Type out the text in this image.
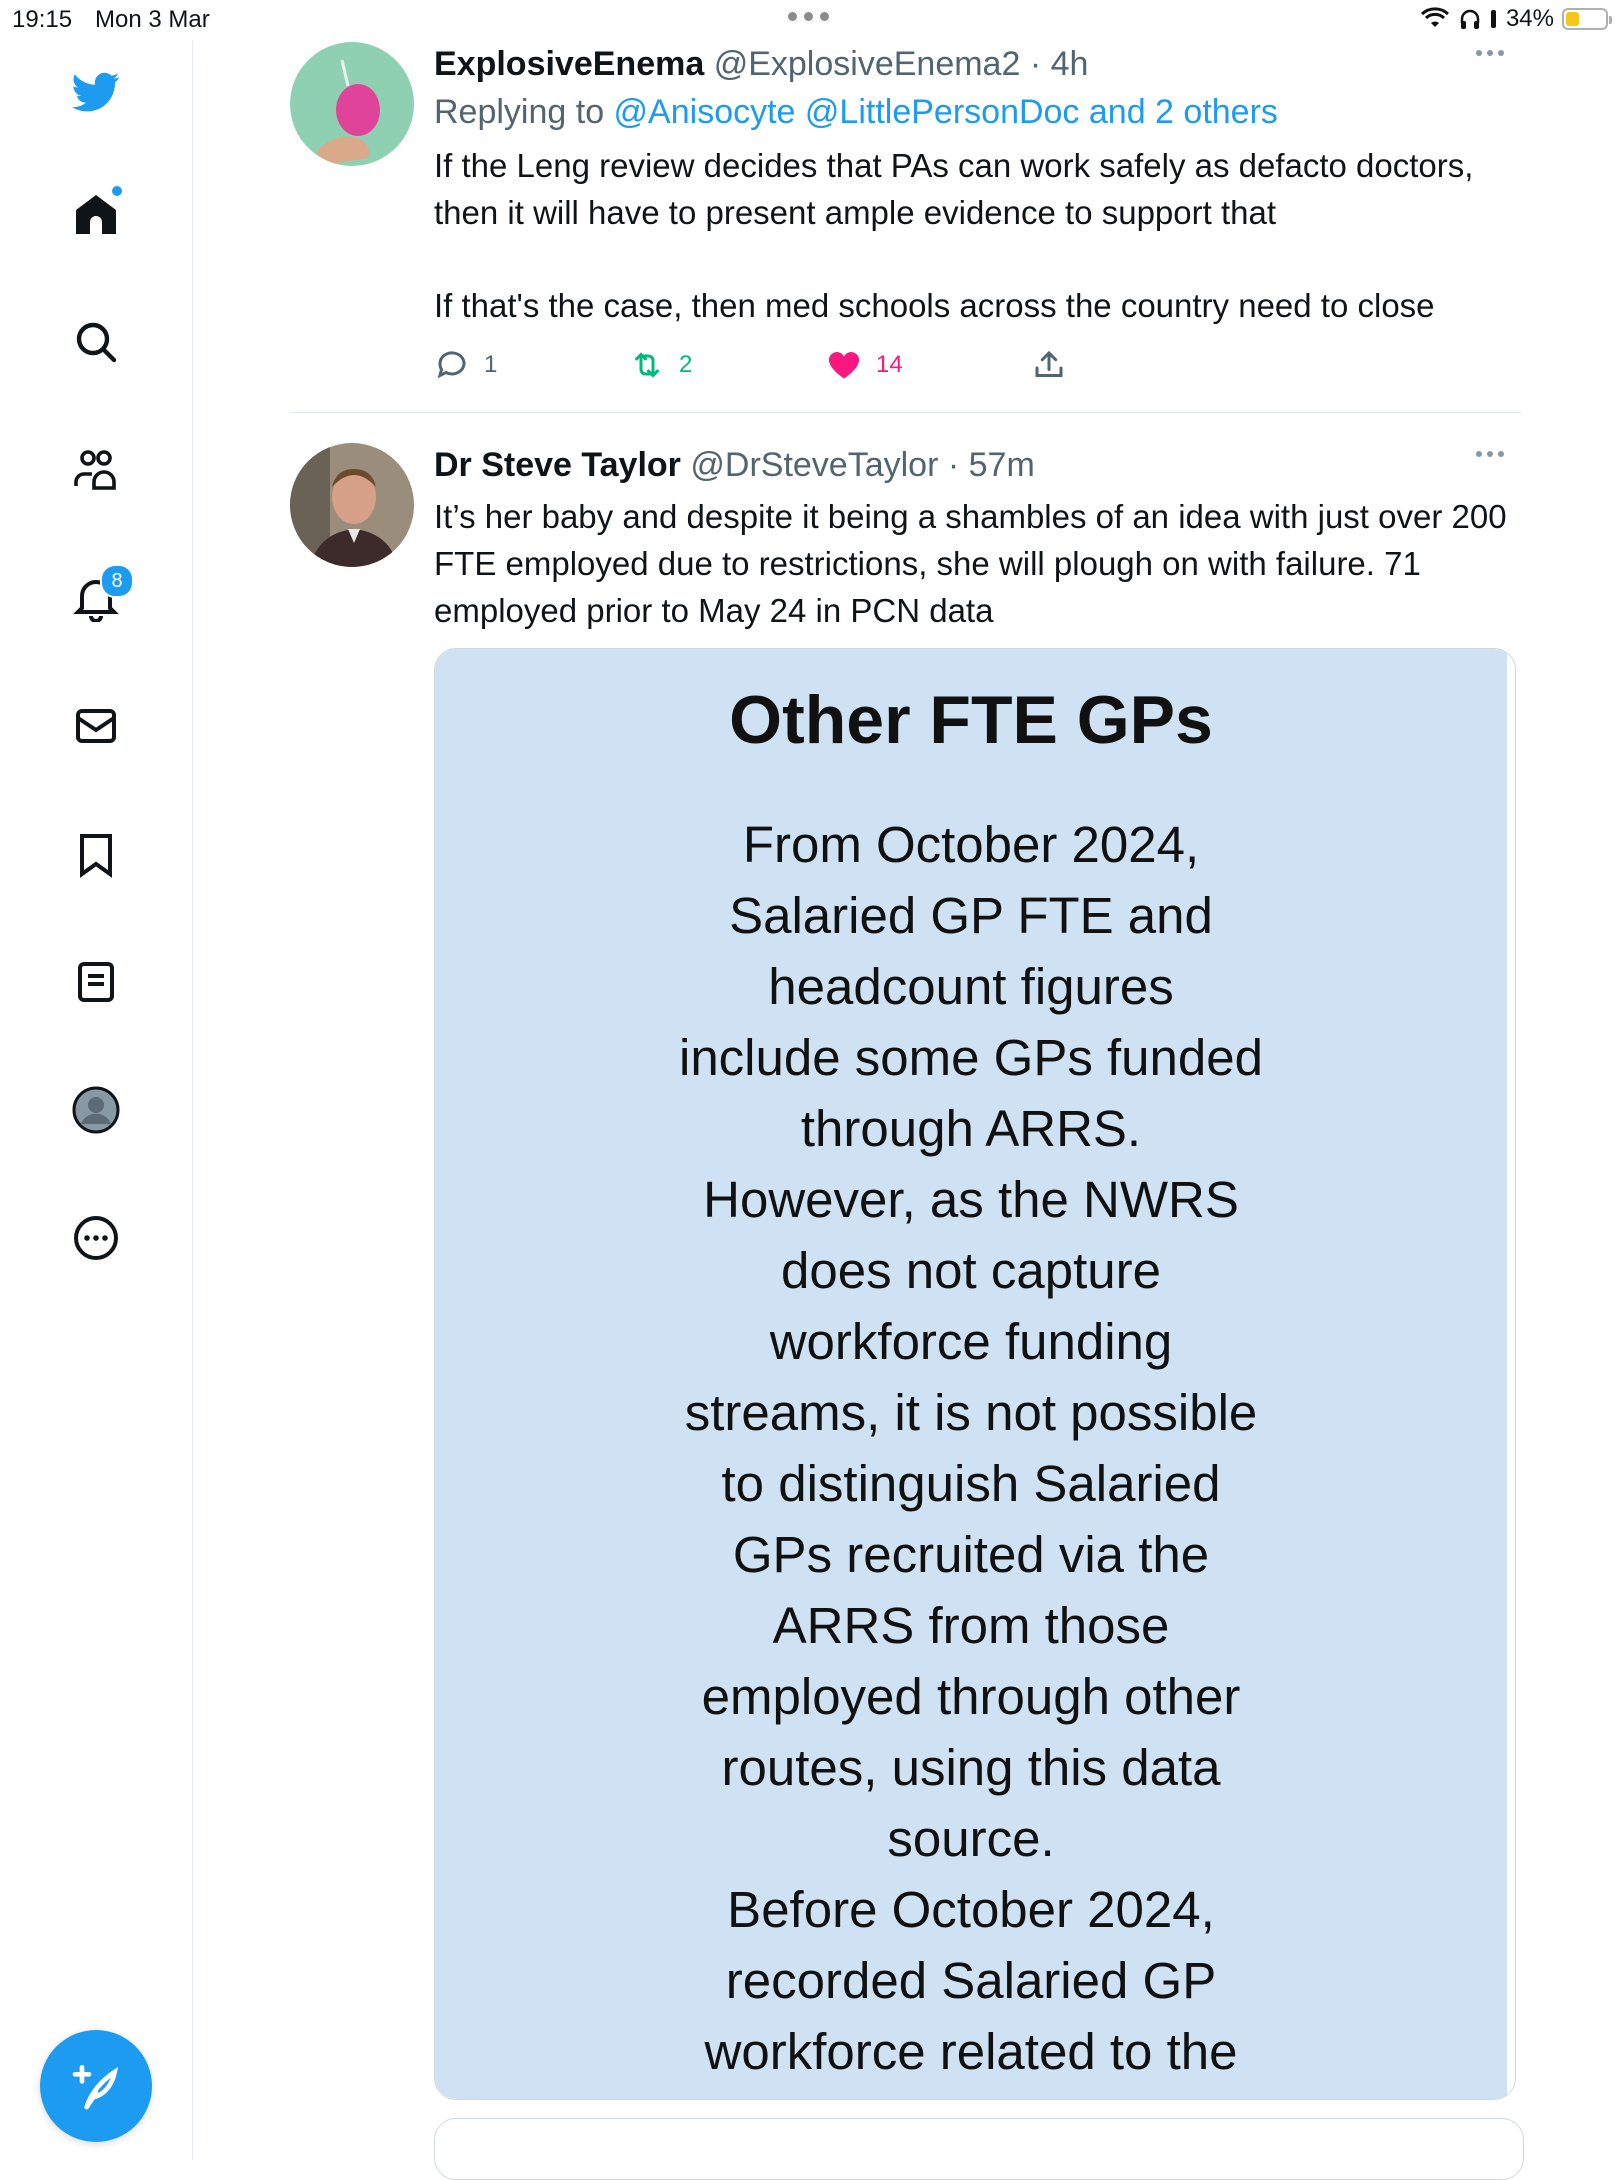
19:15 Mon 3 Mar	34%
8
ExplosiveEnema @ExplosiveEnema2 · 4h
Replying to @Anisocyte @LittlePersonDoc and 2 others

If the Leng review decides that PAs can work safely as defacto doctors, then it will have to present ample evidence to support that

If that's the case, then med schools across the country need to close

1	2	14
Dr Steve Taylor @DrSteveTaylor · 57m
It’s her baby and despite it being a shambles of an idea with just over 200 FTE employed due to restrictions, she will plough on with failure. 71 employed prior to May 24 in PCN data
Other FTE GPs
From October 2024,
Salaried GP FTE and
headcount figures
include some GPs funded
through ARRS.
However, as the NWRS
does not capture
workforce funding
streams, it is not possible
to distinguish Salaried
GPs recruited via the
ARRS from those
employed through other
routes, using this data
source.
Before October 2024,
recorded Salaried GP
workforce related to the
